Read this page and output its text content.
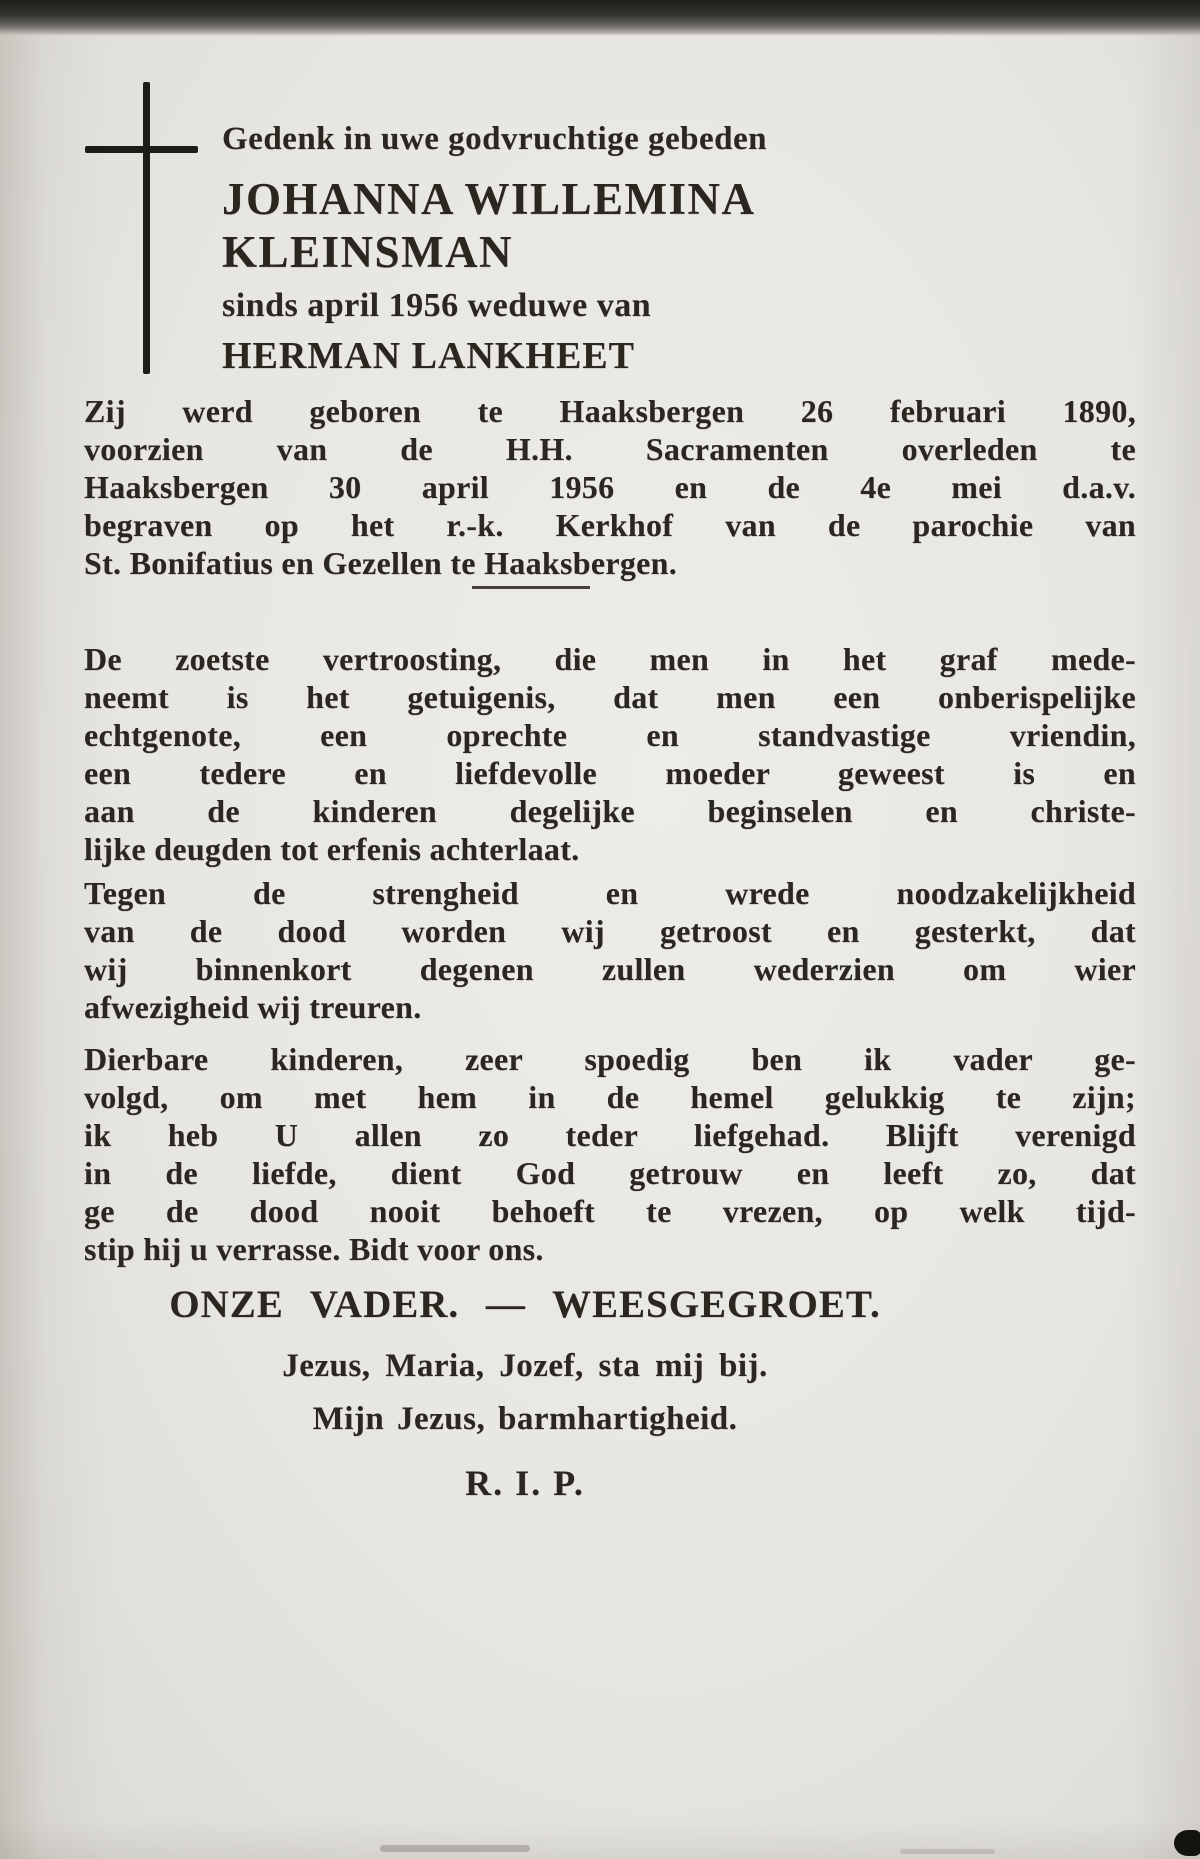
Gedenk in uwe godvruchtige gebeden
JOHANNA WILLEMINA
KLEINSMAN
sinds april 1956 weduwe van
HERMAN LANKHEET
Zij werd geboren te Haaksbergen 26 februari 1890,
voorzien van de H.H. Sacramenten overleden te
Haaksbergen 30 april 1956 en de 4e mei d.a.v.
begraven op het r.-k. Kerkhof van de parochie van
St. Bonifatius en Gezellen te Haaksbergen.
De zoetste vertroosting, die men in het graf mede-
neemt is het getuigenis, dat men een onberispelijke
echtgenote, een oprechte en standvastige vriendin,
een tedere en liefdevolle moeder geweest is en
aan de kinderen degelijke beginselen en christe-
lijke deugden tot erfenis achterlaat.
Tegen de strengheid en wrede noodzakelijkheid
van de dood worden wij getroost en gesterkt, dat
wij binnenkort degenen zullen wederzien om wier
afwezigheid wij treuren.
Dierbare kinderen, zeer spoedig ben ik vader ge-
volgd, om met hem in de hemel gelukkig te zijn;
ik heb U allen zo teder liefgehad. Blijft verenigd
in de liefde, dient God getrouw en leeft zo, dat
ge de dood nooit behoeft te vrezen, op welk tijd-
stip hij u verrasse. Bidt voor ons.
ONZE VADER. — WEESGEGROET.
Jezus, Maria, Jozef, sta mij bij.
Mijn Jezus, barmhartigheid.
R. I. P.
